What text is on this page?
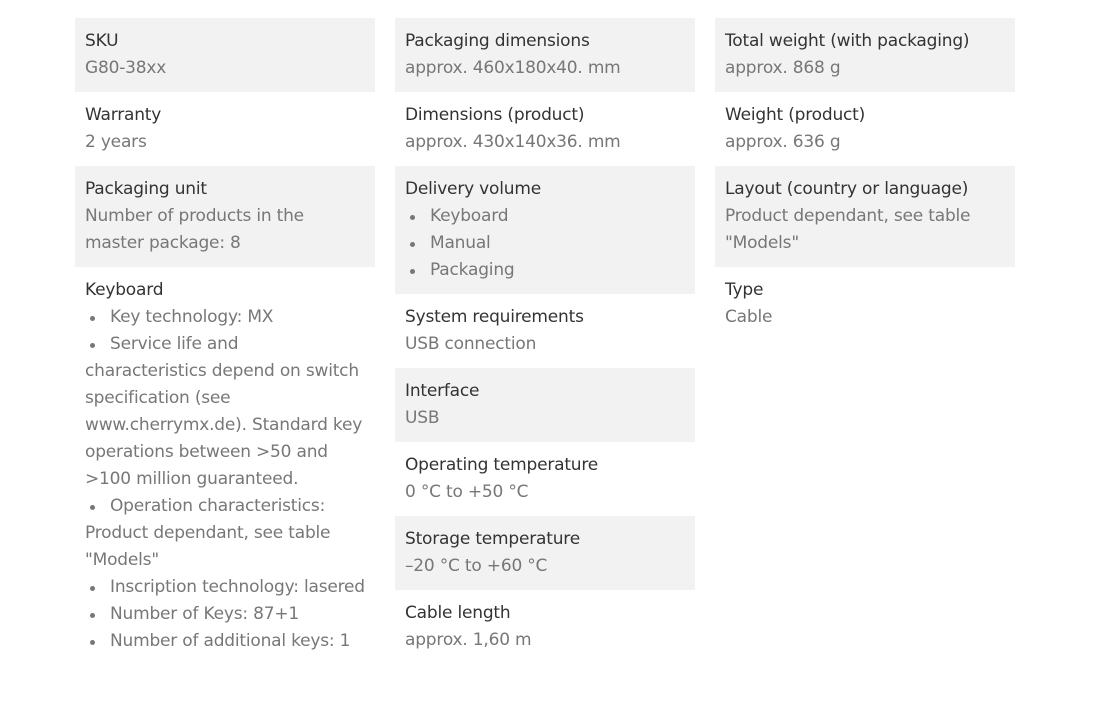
SKU
G80-38xx
Warranty
2 years
Packaging unit
Number of products in the master package: 8
Keyboard
Key technology: MX
Service life and characteristics depend on switch specification (see www.cherrymx.de). Standard key operations between >50 and >100 million guaranteed.
Operation characteristics: Product dependant, see table "Models"
Inscription technology: lasered
Number of Keys: 87+1
Number of additional keys: 1
Packaging dimensions
approx. 460x180x40. mm
Dimensions (product)
approx. 430x140x36. mm
Delivery volume
Keyboard
Manual
Packaging
System requirements
USB connection
Interface
USB
Operating temperature
0 °C to +50 °C
Storage temperature
–20 °C to +60 °C
Cable length
approx. 1,60 m
Total weight (with packaging)
approx. 868 g
Weight (product)
approx. 636 g
Layout (country or language)
Product dependant, see table "Models"
Type
Cable
